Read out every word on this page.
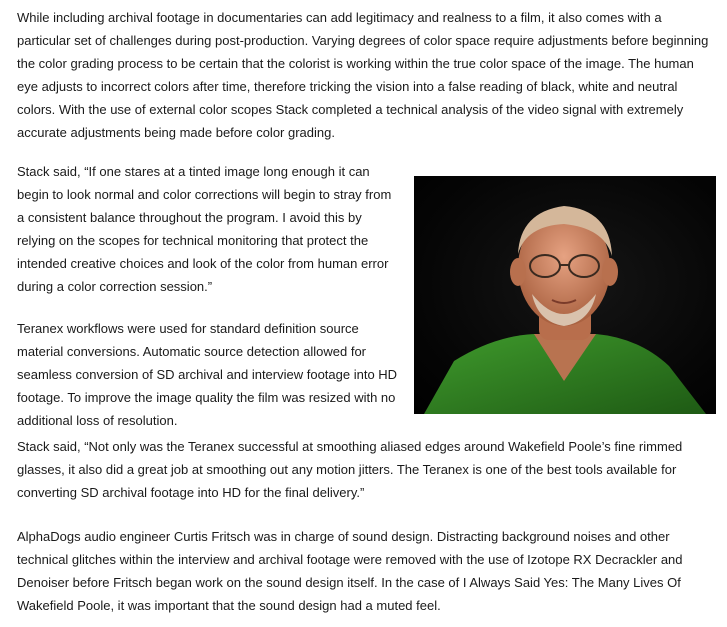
While including archival footage in documentaries can add legitimacy and realness to a film, it also comes with a particular set of challenges during post-production. Varying degrees of color space require adjustments before beginning the color grading process to be certain that the colorist is working within the true color space of the image. The human eye adjusts to incorrect colors after time, therefore tricking the vision into a false reading of black, white and neutral colors. With the use of external color scopes Stack completed a technical analysis of the video signal with extremely accurate adjustments being made before color grading.

Stack said, “If one stares at a tinted image long enough it can begin to look normal and color corrections will begin to stray from a consistent balance throughout the program. I avoid this by relying on the scopes for technical monitoring that protect the intended creative choices and look of the color from human error during a color correction session.”

Teranex workflows were used for standard definition source material conversions. Automatic source detection allowed for seamless conversion of SD archival and interview footage into HD footage. To improve the image quality the film was resized with no additional loss of resolution.

Stack said, “Not only was the Teranex successful at smoothing aliased edges around Wakefield Poole’s fine rimmed glasses, it also did a great job at smoothing out any motion jitters. The Teranex is one of the best tools available for converting SD archival footage into HD for the final delivery.”

AlphaDogs audio engineer Curtis Fritsch was in charge of sound design. Distracting background noises and other technical glitches within the interview and archival footage were removed with the use of Izotope RX Decrackler and Denoiser before Fritsch began work on the sound design itself. In the case of I Always Said Yes: The Many Lives Of Wakefield Poole, it was important that the sound design had a muted feel.
